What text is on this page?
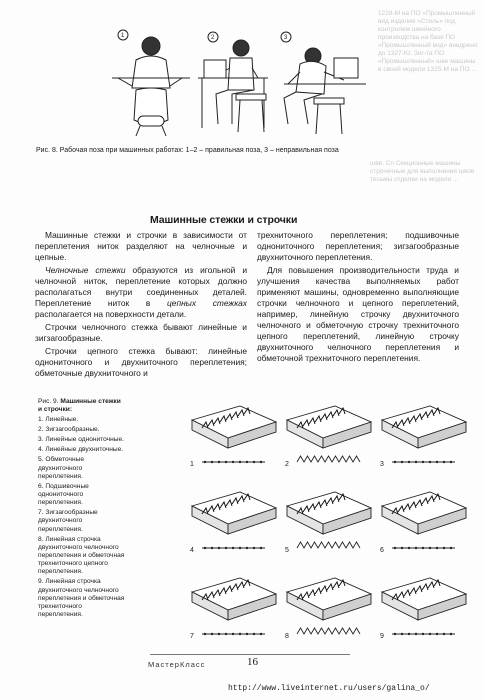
1228-М на ПО «Промышленный вид изделия «Стиль» под контролем швейного производства на базе ПО «Промышленный вид» внедрено до 1327-Ю. Зиг-та ПО «Промышленный» шве машины в своей модели 1325-М на ПО ...
шве. Сп Секционные машины строчечные для выполнения швов тесьмы отделки на модели ...
1	2	3
Рис. 8. Рабочая поза при машинных работах: 1–2 – правильная поза, 3 – неправильная поза
Машинные стежки и строчки

Машинные стежки и строчки в зависимости от переплетения ниток разделяют на челночные и цепные.

Челночные стежки образуются из игольной и челночной ниток, переплетение которых должно располагаться внутри соединенных деталей. Переплетение ниток в цепных стежках располагается на поверхности детали.

Строчки челночного стежка бывают линейные и зигзагообразные.

Строчки цепного стежка бывают: линейные однониточного и двухниточного переплетения; обметочные двухниточного и

трехниточного переплетения; подшивочные однониточного переплетения; зигзагообразные двухниточного переплетения.

Для повышения производительности труда и улучшения качества выполняемых работ применяют машины, одновременно выполняющие строчки челночного и цепного переплетений, например, линейную строчку двухниточного челночного и обметочную строчку трехниточного цепного переплетений, линейную строчку двухниточного челночного переплетения и обметочной трехниточного переплетения.

Рис. 9. Машинные стежки и строчки:
1. Линейные.
2. Зигзагообразные.
3. Линейные однониточные.
4. Линейные двухниточные.
5. Обметочные двухниточного переплетения.
6. Подшивочные однониточного переплетения.
7. Зигзагообразные двухниточного переплетения.
8. Линейная строчка двухниточного челночного переплетения и обметочная трехниточного цепного переплетения.
9. Линейная строчка двухниточного челночного переплетения и обметочная трехниточного переплетения.
1	2	3
4	5	6
7	8	9
МастерКласс	16
http://www.liveinternet.ru/users/galina_o/
